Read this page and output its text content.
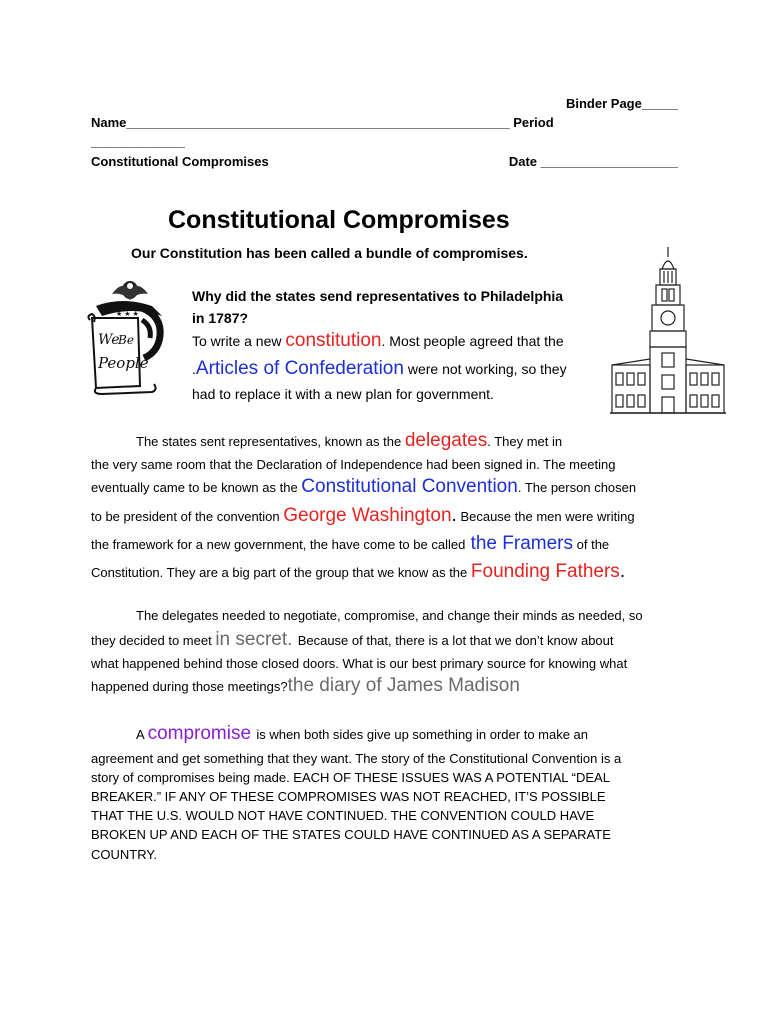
Binder Page_____
Name_____________________________________________________ Period
_____________
Constitutional Compromises	Date ___________________
Constitutional Compromises
Our Constitution has been called a bundle of compromises.
★ ★ ★
We
Be
People
Why did the states send representatives to Philadelphia
in 1787?
To write a new constitution. Most people agreed that the
.Articles of Confederation were not working, so they
had to replace it with a new plan for government.
The states sent representatives, known as the delegates. They met in
the very same room that the Declaration of Independence had been signed in. The meeting
eventually came to be known as the Constitutional Convention. The person chosen
to be president of the convention George Washington. Because the men were writing
the framework for a new government, the have come to be called the Framers of the
Constitution. They are a big part of the group that we know as the Founding Fathers.
The delegates needed to negotiate, compromise, and change their minds as needed, so
they decided to meet in secret. Because of that, there is a lot that we don’t know about
what happened behind those closed doors. What is our best primary source for knowing what
happened during those meetings?the diary of James Madison
A compromise is when both sides give up something in order to make an
agreement and get something that they want. The story of the Constitutional Convention is a
story of compromises being made. EACH OF THESE ISSUES WAS A POTENTIAL “DEAL
BREAKER.” IF ANY OF THESE COMPROMISES WAS NOT REACHED, IT’S POSSIBLE
THAT THE U.S. WOULD NOT HAVE CONTINUED. THE CONVENTION COULD HAVE
BROKEN UP AND EACH OF THE STATES COULD HAVE CONTINUED AS A SEPARATE
COUNTRY.
